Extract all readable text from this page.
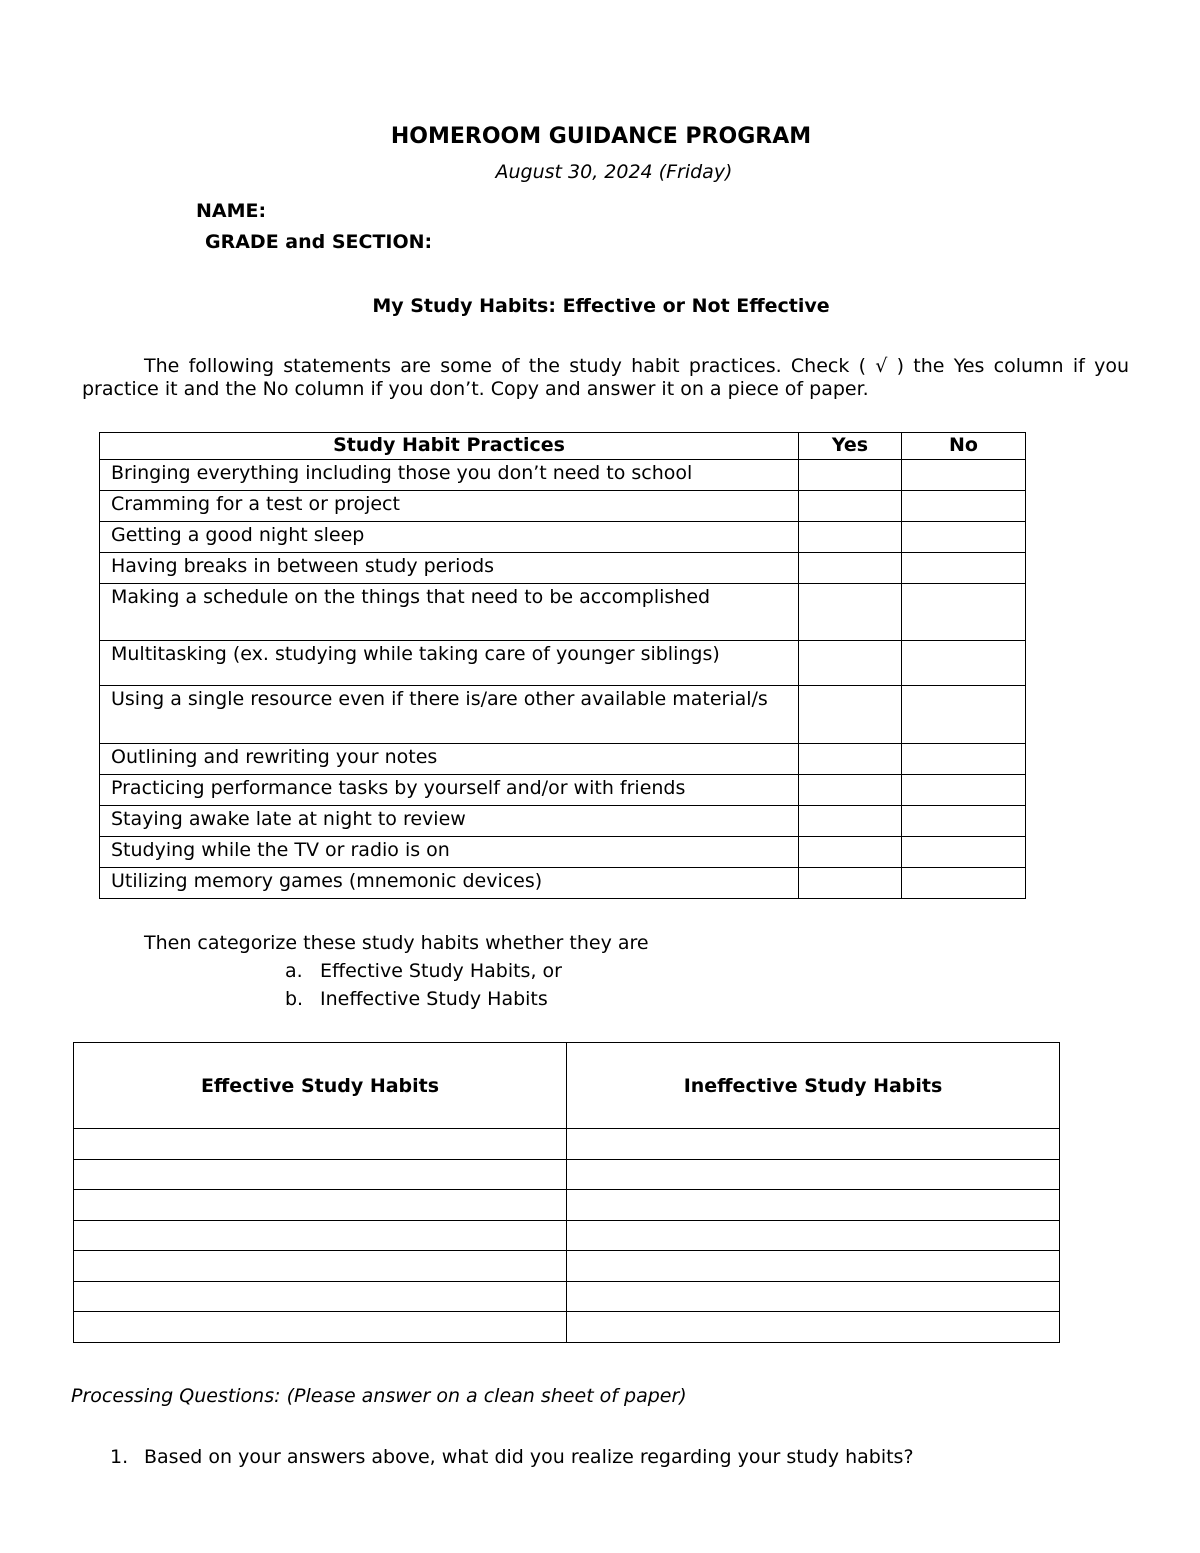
HOMEROOM GUIDANCE PROGRAM
August 30, 2024 (Friday)
NAME:
GRADE and SECTION:
My Study Habits: Effective or Not Effective
The following statements are some of the study habit practices. Check ( √ ) the Yes column if you
practice it and the No column if you don’t. Copy and answer it on a piece of paper.
Study Habit Practices	Yes	No
Bringing everything including those you don’t need to school		
Cramming for a test or project		
Getting a good night sleep		
Having breaks in between study periods		
Making a schedule on the things that need to be accomplished		
Multitasking (ex. studying while taking care of younger siblings)		
Using a single resource even if there is/are other available material/s		
Outlining and rewriting your notes		
Practicing performance tasks by yourself and/or with friends		
Staying awake late at night to review		
Studying while the TV or radio is on		
Utilizing memory games (mnemonic devices)		
Then categorize these study habits whether they are
a. Effective Study Habits, or
b. Ineffective Study Habits
Effective Study Habits	Ineffective Study Habits

Processing Questions: (Please answer on a clean sheet of paper)
1. Based on your answers above, what did you realize regarding your study habits?
